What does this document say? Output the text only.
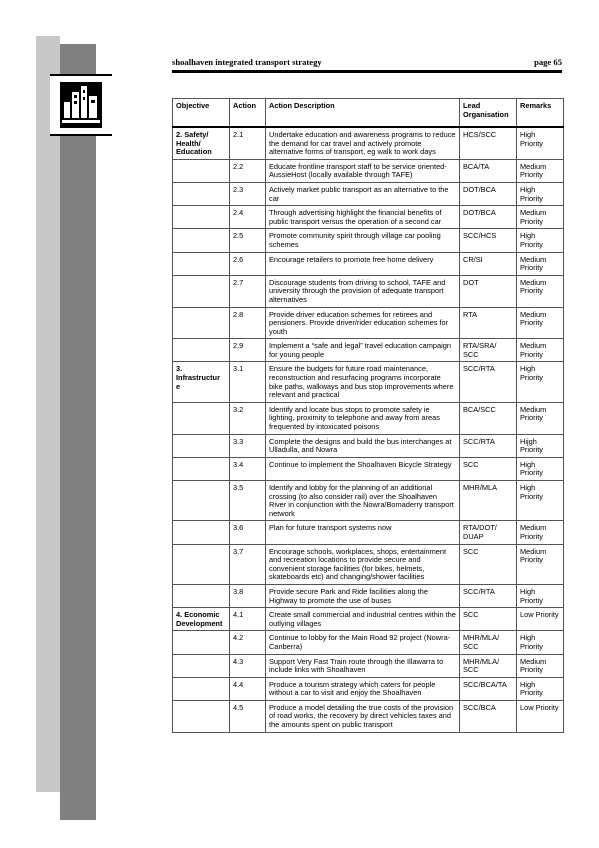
shoalhaven integrated transport strategy	page 65
Objective	Action	Action Description	Lead Organisation	Remarks
2. Safety/ Health/ Education	2.1	Undertake education and awareness programs to reduce the demand for car travel and actively promote alternative forms of transport, eg walk to work days	HCS/SCC	High Priority
	2.2	Educate frontline transport staff to be service oriented-AussieHost (locally available through TAFE)	BCA/TA	Medium Priority
	2.3	Actively market public transport as an alternative to the car	DOT/BCA	High Priority
	2.4	Through advertising highlight the financial benefits of public transport versus the operation of a second car	DOT/BCA	Medium Priority
	2.5	Promote community spirit through village car pooling schemes	SCC/HCS	High Priority
	2.6	Encourage retailers to promote free home delivery	CR/SI	Medium Priority
	2.7	Discourage students from driving to school, TAFE and university through the provision of adequate transport alternatives	DOT	Medium Priority
	2.8	Provide driver education schemes for retirees and pensioners. Provide driver/rider education schemes for youth	RTA	Medium Priority
	2.9	Implement a “safe and legal” travel education campaign for young people	RTA/SRA/ SCC	Medium Priority
3. Infrastructur e	3.1	Ensure the budgets for future road maintenance, reconstruction and resurfacing programs incorporate bike paths, walkways and bus stop improvements where relevant and practical	SCC/RTA	High Priority
	3.2	Identify and locate bus stops to promote safety ie lighting, proximity to telephone and away from areas frequented by intoxicated poisons	BCA/SCC	Medium Priority
	3.3	Complete the designs and build the bus interchanges at Ulladulla, and Nowra	SCC/RTA	Hijgh Priority
	3.4	Continue to implement the Shoalhaven Bicycle Strategy	SCC	High Priority
	3.5	Identify and lobby for the planning of an additional crossing (to also consider rail) over the Shoalhaven River in conjunction with the Nowra/Bomaderry transport network	MHR/MLA	High Priority
	3.6	Plan for future transport systems now	RTA/DOT/ DUAP	Medium Priority
	3.7	Encourage schools, workplaces, shops, entertainment and recreation locations to provide secure and convenient storage facilities (for bikes, helmets, skateboards etc) and changing/shower facilities	SCC	Medium Priority
	3.8	Provide secure Park and Ride facilities along the Highway to promote the use of buses	SCC/RTA	High Priortiy
4. Economic Development	4.1	Create small commercial and industrial centres within the outlying villages	SCC	Low Priority
	4.2	Continue to lobby for the Main Road 92 project (Nowra-Canberra)	MHR/MLA/ SCC	High Priority
	4.3	Support Very Fast Train route through the Illawarra to include links with Shoalhaven	MHR/MLA/ SCC	Medium Priority
	4.4	Produce a tourism strategy which caters for people without a car to visit and enjoy the Shoalhaven	SCC/BCA/TA	High Priority
	4.5	Produce a model detailing the true costs of the provision of road works, the recovery by direct vehicles taxes and the amounts spent on public transport	SCC/BCA	Low Priority
